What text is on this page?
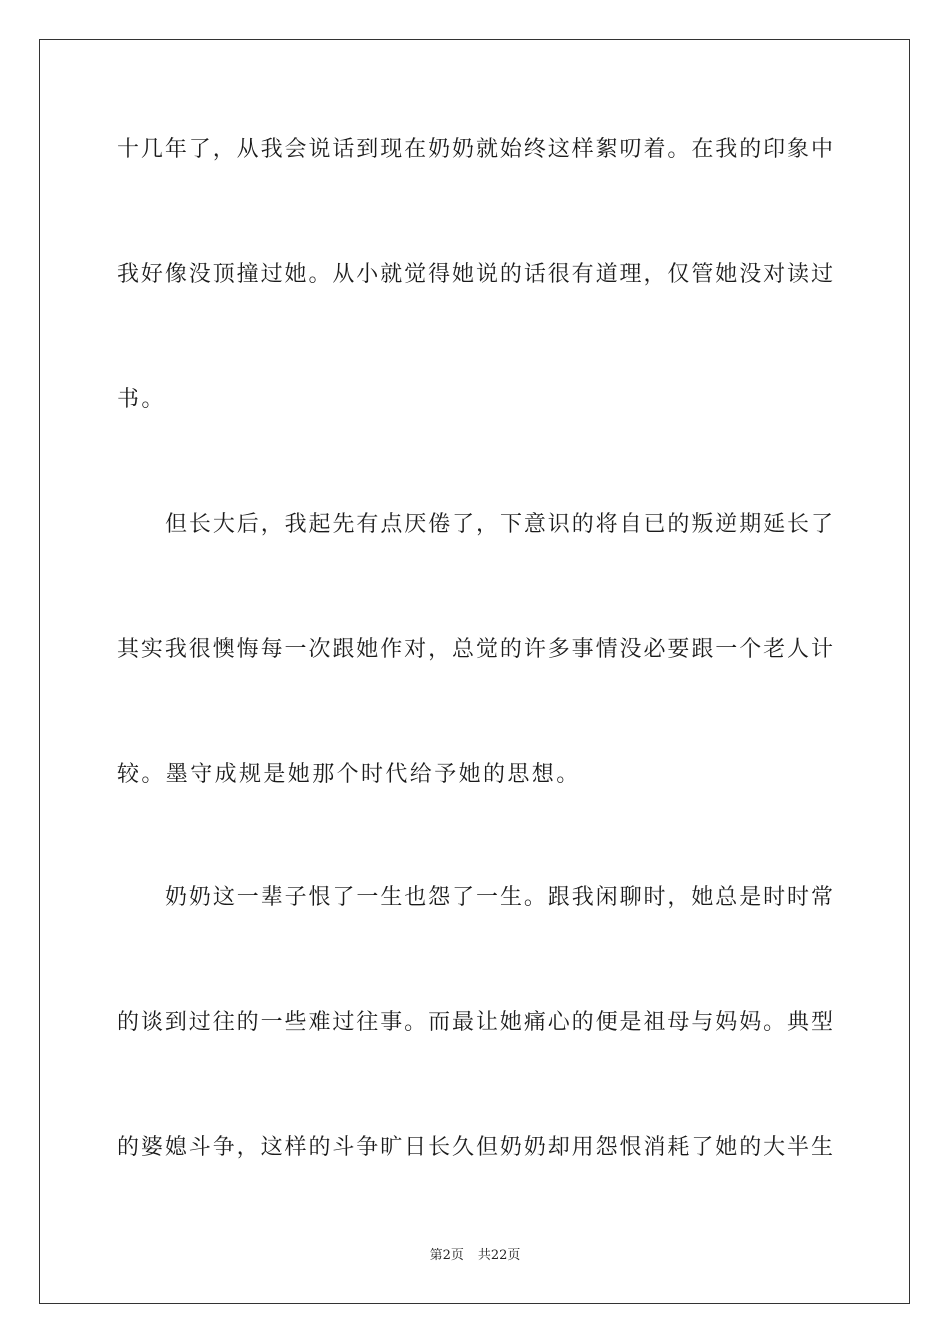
十几年了，从我会说话到现在奶奶就始终这样絮叨着。在我的印象中
我好像没顶撞过她。从小就觉得她说的话很有道理，仅管她没对读过
书。
但长大后，我起先有点厌倦了，下意识的将自已的叛逆期延长了
其实我很懊悔每一次跟她作对，总觉的许多事情没必要跟一个老人计
较。墨守成规是她那个时代给予她的思想。
奶奶这一辈子恨了一生也怨了一生。跟我闲聊时，她总是时时常
的谈到过往的一些难过往事。而最让她痛心的便是祖母与妈妈。典型
的婆媳斗争，这样的斗争旷日长久但奶奶却用怨恨消耗了她的大半生
第2页 共22页
